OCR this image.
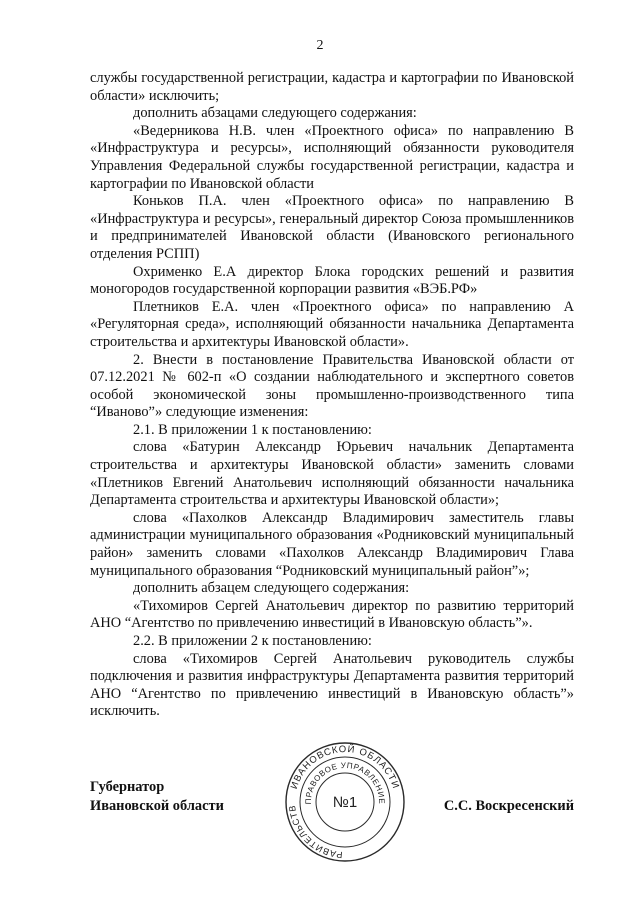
2

службы государственной регистрации, кадастра и картографии по Ивановской области» исключить;

дополнить абзацами следующего содержания:

«Ведерникова Н.В. член «Проектного офиса» по направлению В «Инфраструктура и ресурсы», исполняющий обязанности руководителя Управления Федеральной службы государственной регистрации, кадастра и картографии по Ивановской области

Коньков П.А. член «Проектного офиса» по направлению В «Инфраструктура и ресурсы», генеральный директор Союза промышленников и предпринимателей Ивановской области (Ивановского регионального отделения РСПП)

Охрименко Е.А директор Блока городских решений и развития моногородов государственной корпорации развития «ВЭБ.РФ»

Плетников Е.А. член «Проектного офиса» по направлению А «Регуляторная среда», исполняющий обязанности начальника Департамента строительства и архитектуры Ивановской области».

2. Внести в постановление Правительства Ивановской области от 07.12.2021 № 602-п «О создании наблюдательного и экспертного советов особой экономической зоны промышленно-производственного типа “Иваново”» следующие изменения:

2.1. В приложении 1 к постановлению:

слова «Батурин Александр Юрьевич начальник Департамента строительства и архитектуры Ивановской области» заменить словами «Плетников Евгений Анатольевич исполняющий обязанности начальника Департамента строительства и архитектуры Ивановской области»;

слова «Пахолков Александр Владимирович заместитель главы администрации муниципального образования «Родниковский муниципальный район» заменить словами «Пахолков Александр Владимирович Глава муниципального образования “Родниковский муниципальный район”»;

дополнить абзацем следующего содержания:

«Тихомиров Сергей Анатольевич директор по развитию территорий АНО “Агентство по привлечению инвестиций в Ивановскую область”».

2.2. В приложении 2 к постановлению:

слова «Тихомиров Сергей Анатольевич руководитель службы подключения и развития инфраструктуры Департамента развития территорий АНО “Агентство по привлечению инвестиций в Ивановскую область”» исключить.

Губернатор
Ивановской области
ИВАНОВСКОЙ ОБЛАСТИ
ПРАВОВОЕ УПРАВЛЕНИЕ
РАВИТЕЛЬСТВ	№1	С.С. Воскресенский
